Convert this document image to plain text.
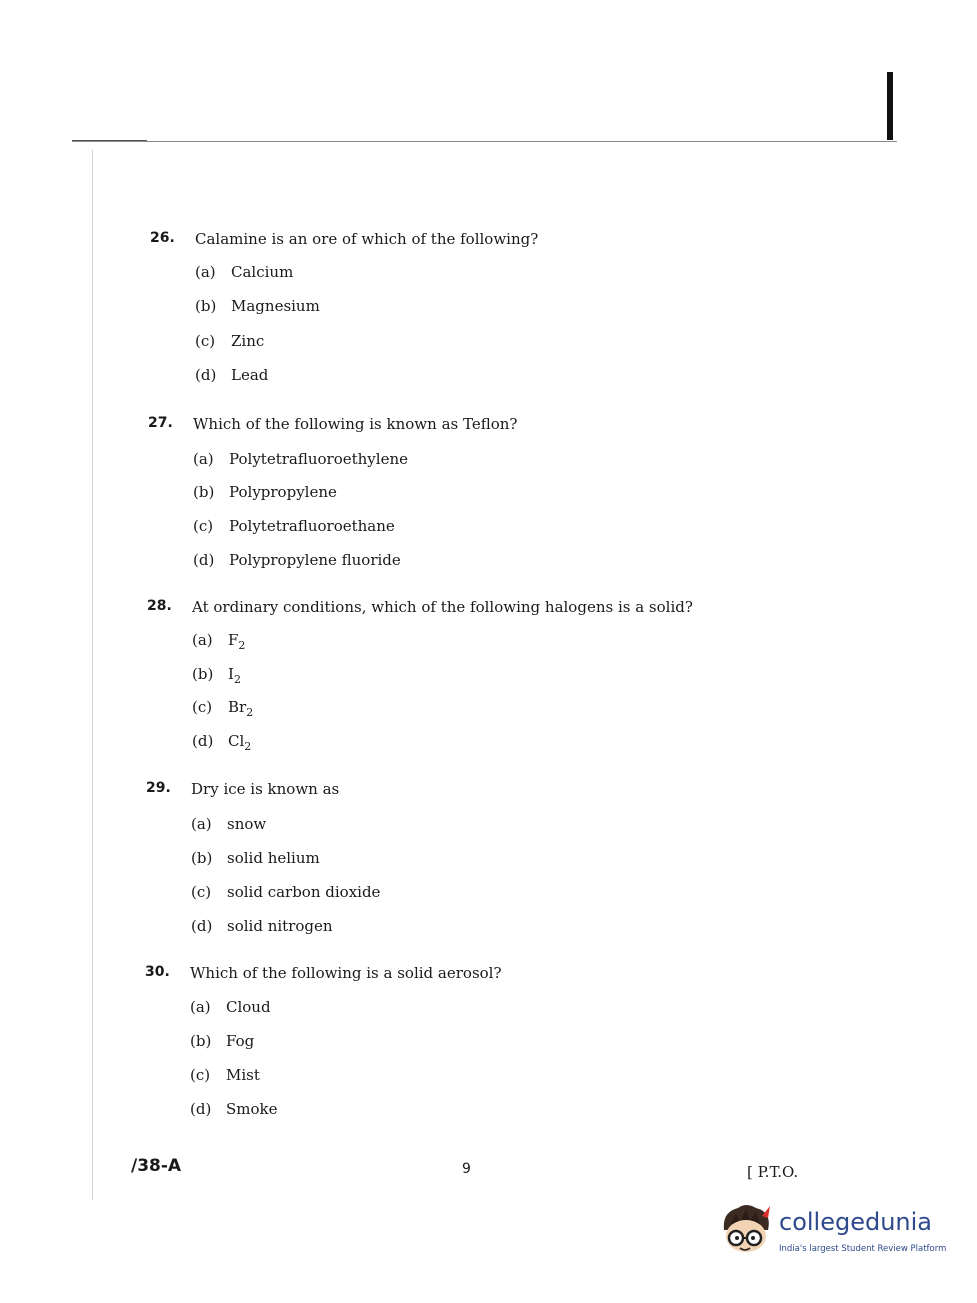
26. Calamine is an ore of which of the following?
(a) Calcium
(b) Magnesium
(c) Zinc
(d) Lead
27. Which of the following is known as Teflon?
(a) Polytetrafluoroethylene
(b) Polypropylene
(c) Polytetrafluoroethane
(d) Polypropylene fluoride
28. At ordinary conditions, which of the following halogens is a solid?
(a) $F_2$
(b) $I_2$
(c) $Br_2$
(d) $Cl_2$
29. Dry ice is known as
(a) snow
(b) solid helium
(c) solid carbon dioxide
(d) solid nitrogen
30. Which of the following is a solid aerosol?
(a) Cloud
(b) Fog
(c) Mist
(d) Smoke
/38-A	9	[ P.T.O.
collegedunia
India's largest Student Review Platform
